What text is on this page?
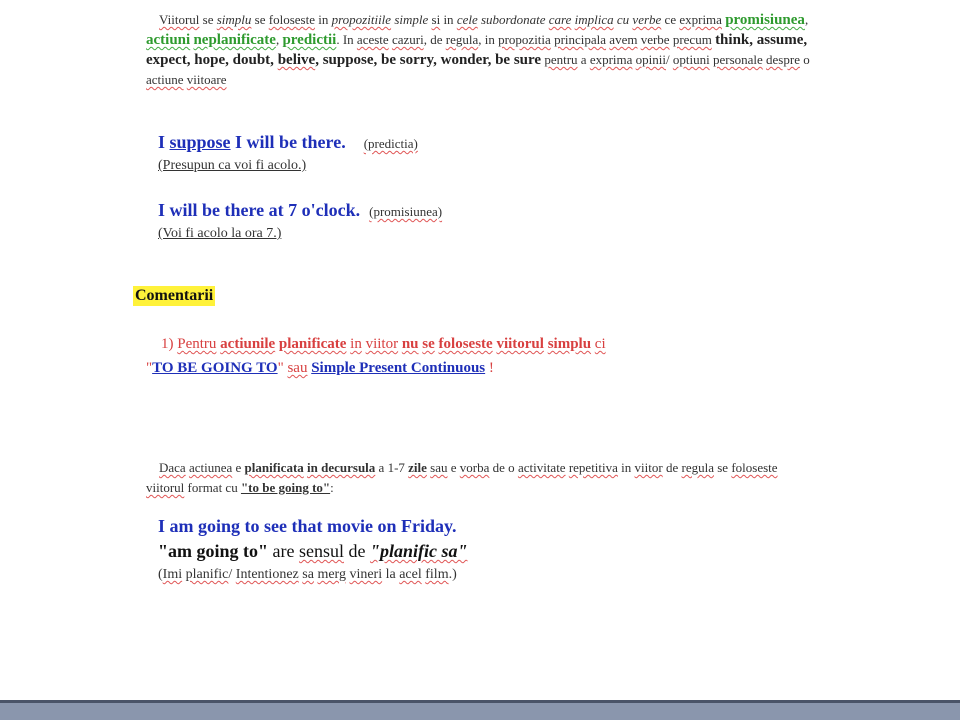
Viitorul se simplu se foloseste in propozitiile simple si in cele subordonate care implica cu verbe ce exprima promisiunea, actiuni neplanificate, predictii. In aceste cazuri, de regula, in propozitia principala avem verbe precum think, assume, expect, hope, doubt, belive, suppose, be sorry, wonder, be sure pentru a exprima opinii/ optiuni personale despre o actiune viitoare
I suppose I will be there. (predictia)
(Presupun ca voi fi acolo.)
I will be there at 7 o'clock. (promisiunea)
(Voi fi acolo la ora 7.)
Comentarii
1) Pentru actiunile planificate in viitor nu se foloseste viitorul simplu ci
"TO BE GOING TO" sau Simple Present Continuous !
Daca actiunea e planificata in decursula a 1-7 zile sau e vorba de o activitate repetitiva in viitor de regula se foloseste viitorul format cu "to be going to":
I am going to see that movie on Friday.
"am going to" are sensul de "planific sa"
(Imi planific/ Intentionez sa merg vineri la acel film.)
